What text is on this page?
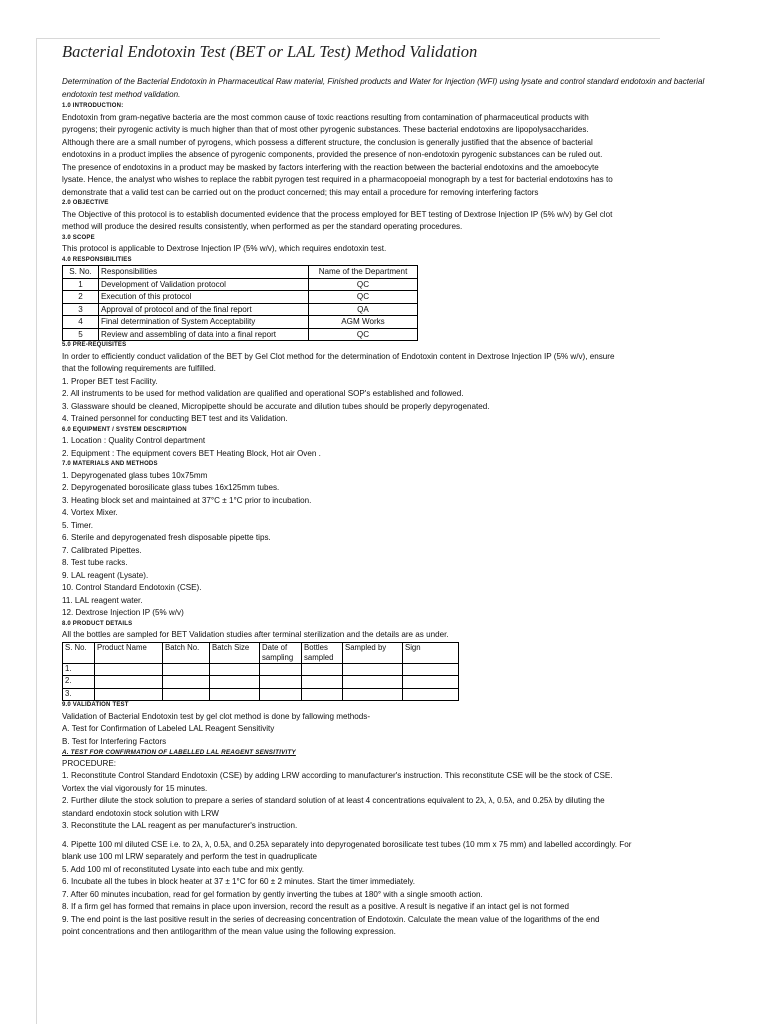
Bacterial Endotoxin Test (BET or LAL Test) Method Validation
Determination of the Bacterial Endotoxin in Pharmaceutical Raw material, Finished products and Water for Injection (WFI) using lysate and control standard endotoxin and bacterial endotoxin test method validation.
1.0 INTRODUCTION:
Endotoxin from gram-negative bacteria are the most common cause of toxic reactions resulting from contamination of pharmaceutical products with
pyrogens; their pyrogenic activity is much higher than that of most other pyrogenic substances. These bacterial endotoxins are lipopolysaccharides.
Although there are a small number of pyrogens, which possess a different structure, the conclusion is generally justified that the absence of bacterial
endotoxins in a product implies the absence of pyrogenic components, provided the presence of non-endotoxin pyrogenic substances can be ruled out.
The presence of endotoxins in a product may be masked by factors interfering with the reaction between the bacterial endotoxins and the amoebocyte
lysate. Hence, the analyst who wishes to replace the rabbit pyrogen test required in a pharmacopoeial monograph by a test for bacterial endotoxins has to
demonstrate that a valid test can be carried out on the product concerned; this may entail a procedure for removing interfering factors
2.0 OBJECTIVE
The Objective of this protocol is to establish documented evidence that the process employed for BET testing of Dextrose Injection IP (5% w/v) by Gel clot
method will produce the desired results consistently, when performed as per the standard operating procedures.
3.0 SCOPE
This protocol is applicable to Dextrose Injection IP (5% w/v), which requires endotoxin test.
4.0 RESPONSIBILITIES
S. No.	Responsibilities	Name of the Department
1	Development of Validation protocol	QC
2	Execution of this protocol	QC
3	Approval of protocol and of the final report	QA
4	Final determination of System Acceptability	AGM Works
5	Review and assembling of data into a final report	QC
5.0 PRE-REQUISITES
In order to efficiently conduct validation of the BET by Gel Clot method for the determination of Endotoxin content in Dextrose Injection IP (5% w/v), ensure
that the following requirements are fulfilled.
1. Proper BET test Facility.
2. All instruments to be used for method validation are qualified and operational SOP's established and followed.
3. Glassware should be cleaned, Micropipette should be accurate and dilution tubes should be properly depyrogenated.
4. Trained personnel for conducting BET test and its Validation.
6.0 EQUIPMENT / SYSTEM DESCRIPTION
1. Location : Quality Control department
2. Equipment : The equipment covers BET Heating Block, Hot air Oven .
7.0 MATERIALS AND METHODS
1. Depyrogenated glass tubes 10x75mm
2. Depyrogenated borosilicate glass tubes 16x125mm tubes.
3. Heating block set and maintained at 37°C ± 1°C prior to incubation.
4. Vortex Mixer.
5. Timer.
6. Sterile and depyrogenated fresh disposable pipette tips.
7. Calibrated Pipettes.
8. Test tube racks.
9. LAL reagent (Lysate).
10. Control Standard Endotoxin (CSE).
11. LAL reagent water.
12. Dextrose Injection IP (5% w/v)
8.0 PRODUCT DETAILS

All the bottles are sampled for BET Validation studies after terminal sterilization and the details are as under.

S. No.	Product Name	Batch No.	Batch Size	Date of sampling	Bottles sampled	Sampled by	Sign
1.							
2.							
3.							
9.0 VALIDATION TEST
Validation of Bacterial Endotoxin test by gel clot method is done by fallowing methods-
A. Test for Confirmation of Labeled LAL Reagent Sensitivity
B. Test for Interfering Factors
A. TEST FOR CONFIRMATION OF LABELLED LAL REAGENT SENSITIVITY

PROCEDURE:

1. Reconstitute Control Standard Endotoxin (CSE) by adding LRW according to manufacturer's instruction. This reconstitute CSE will be the stock of CSE.
Vortex the vial vigorously for 15 minutes.
2. Further dilute the stock solution to prepare a series of standard solution of at least 4 concentrations equivalent to 2λ, λ, 0.5λ, and 0.25λ by diluting the
standard endotoxin stock solution with LRW
3. Reconstitute the LAL reagent as per manufacturer's instruction.
4. Pipette 100 ml diluted CSE i.e. to 2λ, λ, 0.5λ, and 0.25λ separately into depyrogenated borosilicate test tubes (10 mm x 75 mm) and labelled accordingly. For
blank use 100 ml LRW separately and perform the test in quadruplicate
5. Add 100 ml of reconstituted Lysate into each tube and mix gently.
6. Incubate all the tubes in block heater at 37 ± 1°C for 60 ± 2 minutes. Start the timer immediately.
7. After 60 minutes incubation, read for gel formation by gently inverting the tubes at 180° with a single smooth action.
8. If a firm gel has formed that remains in place upon inversion, record the result as a positive. A result is negative if an intact gel is not formed
9. The end point is the last positive result in the series of decreasing concentration of Endotoxin. Calculate the mean value of the logarithms of the end
point concentrations and then antilogarithm of the mean value using the following expression.
